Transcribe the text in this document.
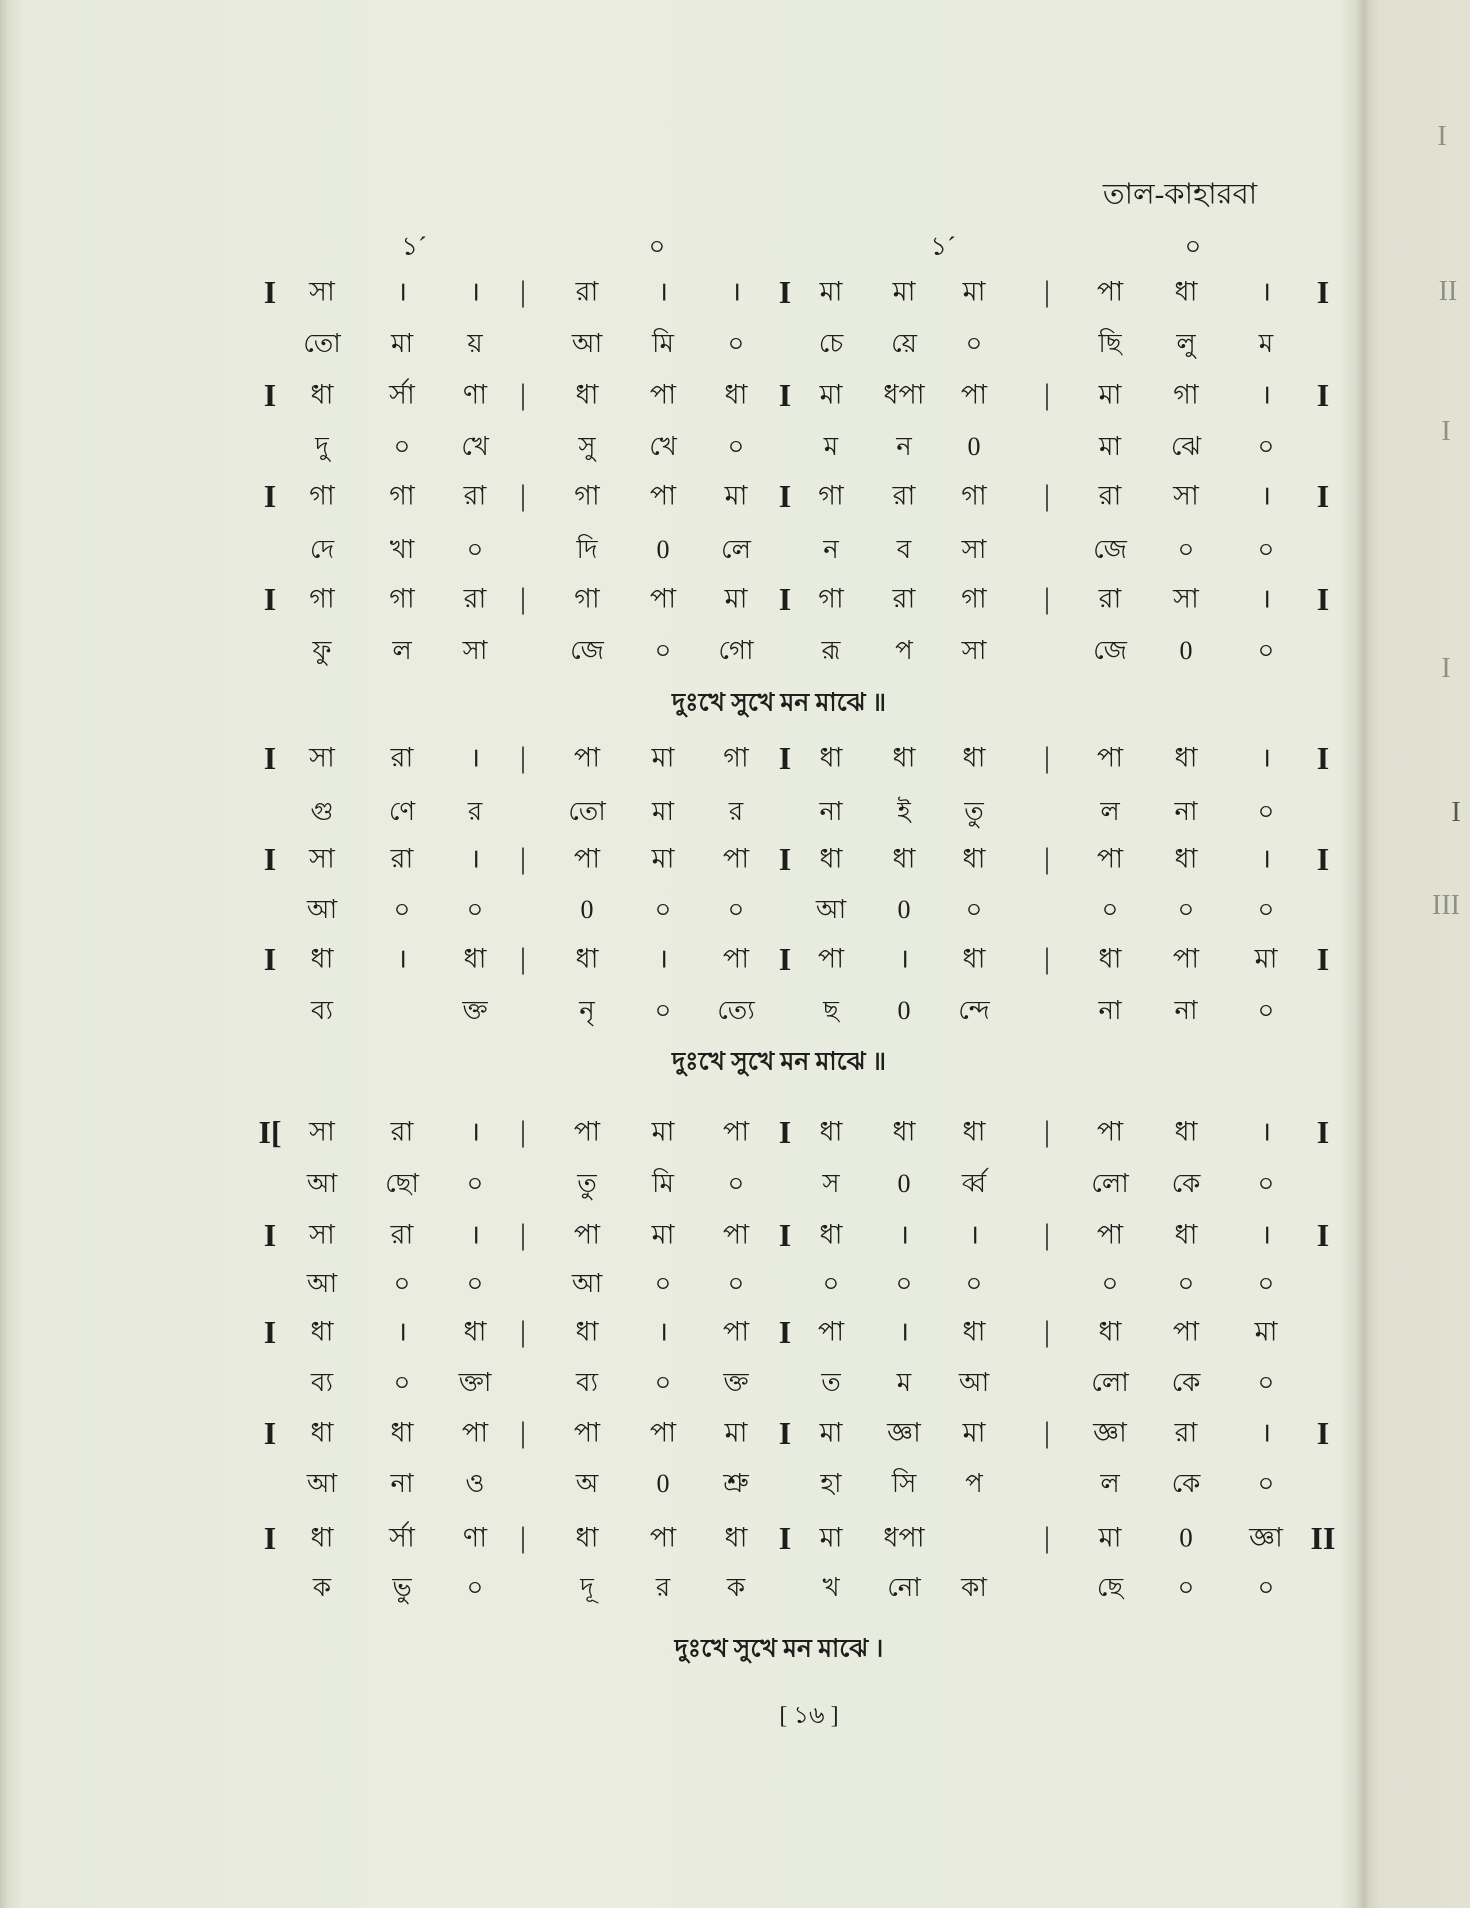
তাল-কাহারবা
১´	০	১´	০
I সা । । | রা । । I মা মা মা | পা ধা । I
তো মা য়	আ মি ০	চে য়ে ০	ছি লু ম
I ধা র্সা ণা | ধা পা ধা I মা ধপা পা | মা গা । I
দু ০ খে	সু খে ০	ম ন 0	মা ঝে ০
I গা গা রা | গা পা মা I গা রা গা | রা সা । I
দে খা ০	দি 0 লে	ন ব সা	জে ০ ০
I গা গা রা | গা পা মা I গা রা গা | রা সা । I
ফু ল সা	জে ০ গো	রূ প সা	জে 0	০
দুঃখে সুখে মন মাঝে ॥
I সা রা । | পা মা গা I ধা ধা ধা | পা ধা । I
গু ণে র	তো মা র	না ই তু	ল না ০
I সা রা । | পা মা পা I ধা ধা ধা | পা ধা । I
আ ০ ০	0 ০ ০	আ 0 ০	০ ০ ০
I ধা । ধা | ধা । পা I পা । ধা | ধা পা মা I
ব্য	ক্ত	নৃ ০ ত্যে	ছ 0 ন্দে	না না ০
দুঃখে সুখে মন মাঝে ॥
I[ সা রা । | পা মা পা I ধা ধা ধা | পা ধা । I
আ ছো ০	তু মি ০	স 0 র্ব্ব	লো কে ০
I সা রা । | পা মা পা I ধা । । | পা ধা । I
আ ০ ০	আ ০ ০	০ ০ ০	০ ০ ০
I ধা । ধা | ধা । পা I পা । ধা | ধা পা মা
ব্য ০ ক্তা	ব্য ০ ক্ত	ত ম আ	লো কে ০
I ধা ধা পা | পা পা মা I মা জ্ঞা মা | জ্ঞা রা । I
আ না ও	অ 0 শ্রু	হা সি প	ল কে ০
I ধা র্সা ণা | ধা পা ধা I মা ধপা	| মা 0 জ্ঞা II
ক ভু ০	দূ র ক	খ নো কা	ছে ০ ০
দুঃখে সুখে মন মাঝে ।
[ ১৬ ]
I
II
I
I
I
III
